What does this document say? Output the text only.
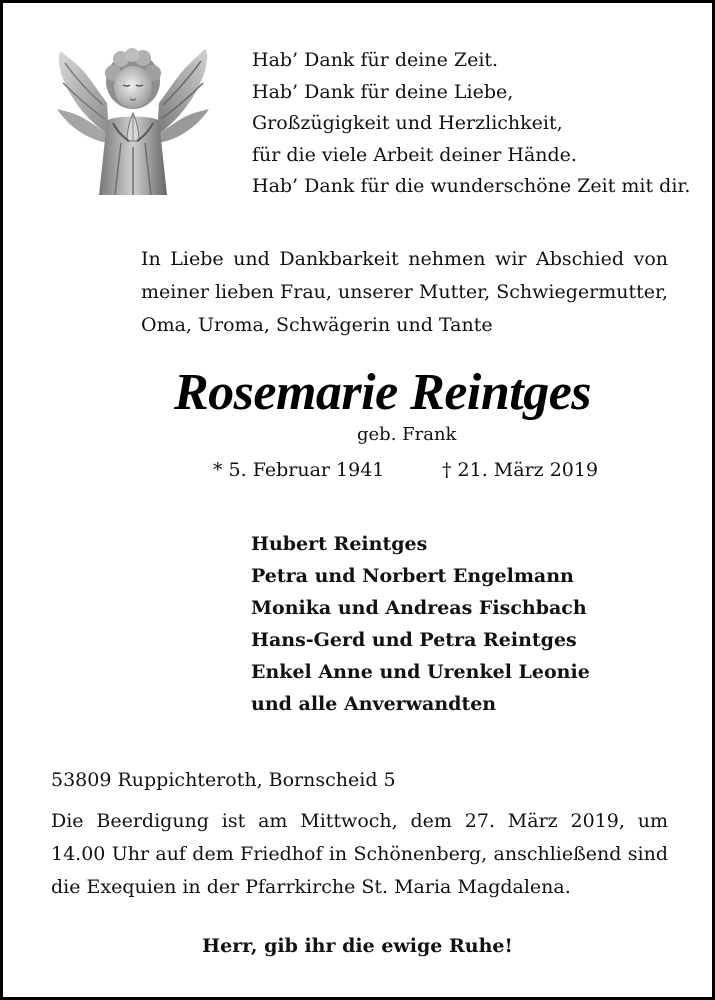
Hab’ Dank für deine Zeit.
Hab’ Dank für deine Liebe,
Großzügigkeit und Herzlichkeit,
für die viele Arbeit deiner Hände.
Hab’ Dank für die wunderschöne Zeit mit dir.
In Liebe und Dankbarkeit nehmen wir Abschied von
meiner lieben Frau, unserer Mutter, Schwiegermutter,
Oma, Uroma, Schwägerin und Tante
Rosemarie Reintges
geb. Frank
* 5. Februar 1941	† 21. März 2019
Hubert Reintges
Petra und Norbert Engelmann
Monika und Andreas Fischbach
Hans-Gerd und Petra Reintges
Enkel Anne und Urenkel Leonie
und alle Anverwandten
53809 Ruppichteroth, Bornscheid 5
Die Beerdigung ist am Mittwoch, dem 27. März 2019, um
14.00 Uhr auf dem Friedhof in Schönenberg, anschließend sind
die Exequien in der Pfarrkirche St. Maria Magdalena.
Herr, gib ihr die ewige Ruhe!
